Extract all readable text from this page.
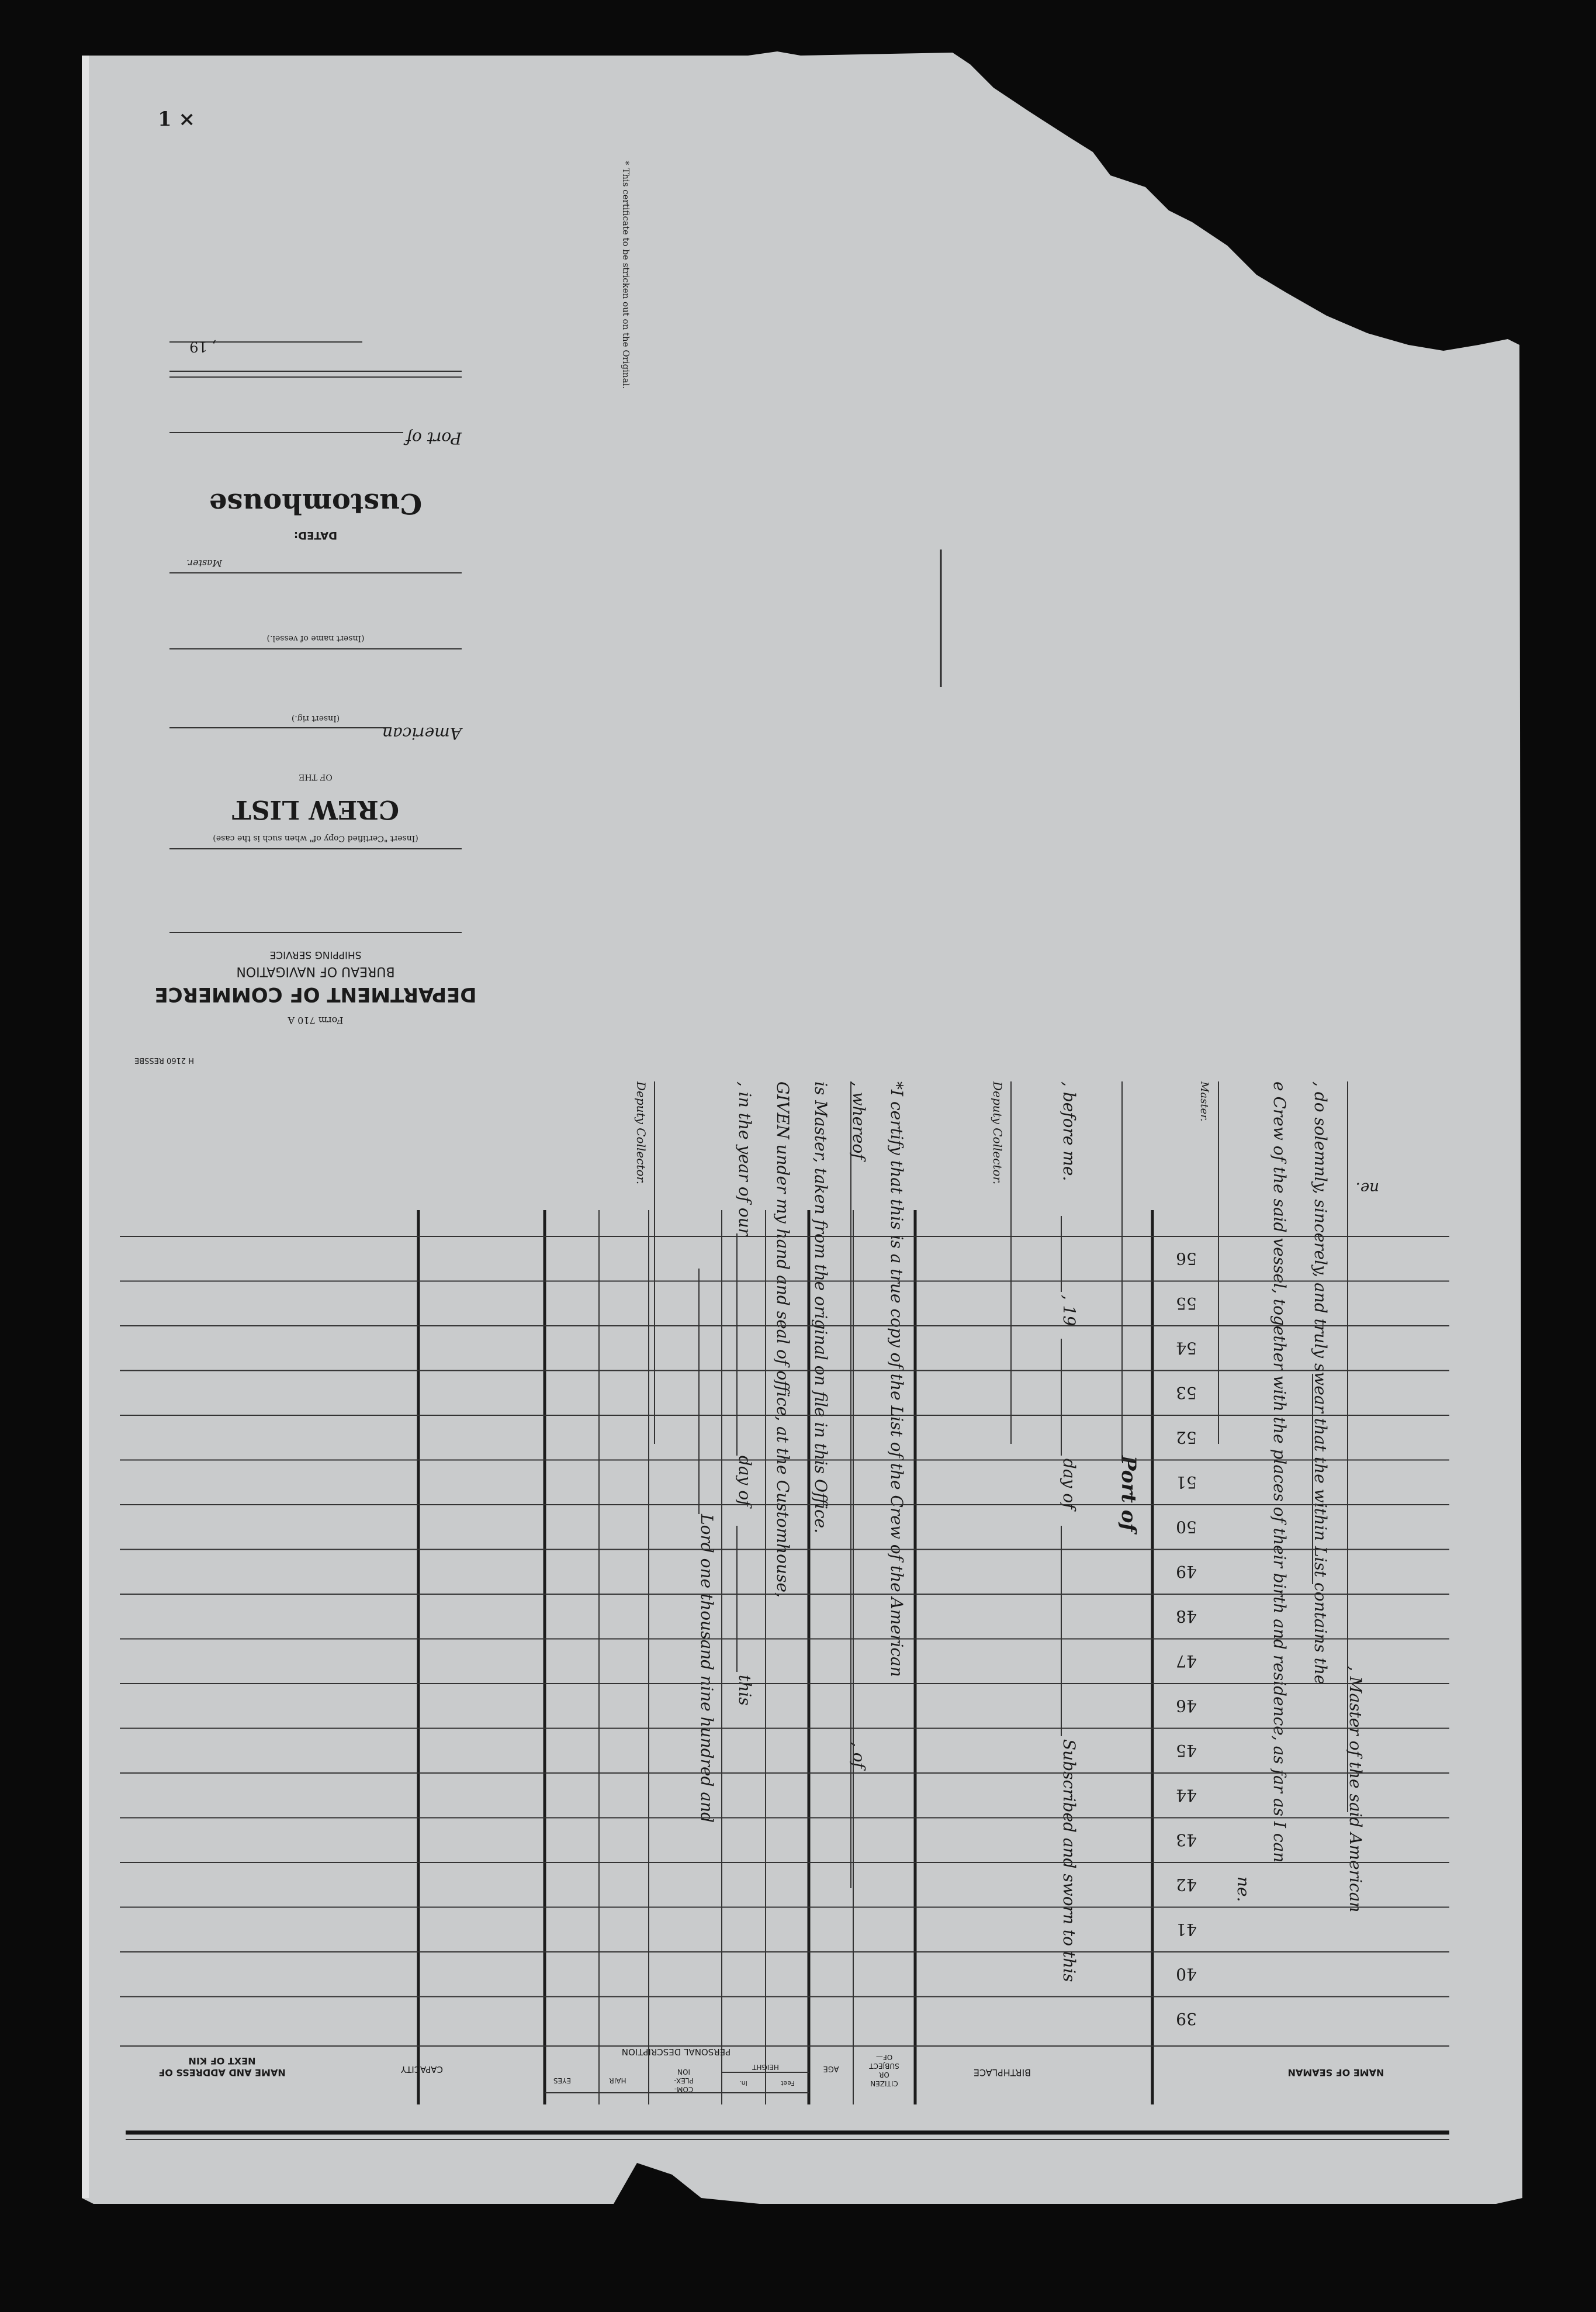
1 ×
ne.
, Master of the said American
, do solemnly, sincerely, and truly swear that the within List contains the
e Crew of the said vessel, together with the places of their birth and residence, as far as I can
ne.
Master.
Port of
, before me.
, 19
day of
Subscribed and sworn to this
Deputy Collector.
*I certify that this is a true copy of the List of the Crew of the American
, whereof
, of
is Master, taken from the original on file in this Office.
GIVEN under my hand and seal of office, at the Customhouse,
, in the year of our
day of
this
Lord one thousand nine hundred and
Deputy Collector.
* This certificate to be stricken out on the Original.
H 2160 RESSBE
Form 710 A
DEPARTMENT OF COMMERCE
BUREAU OF NAVIGATION
SHIPPING SERVICE
(Insert "Certified Copy of" when such is the case)
CREW LIST
OF THE
American
(Insert rig.)
(Insert name of vessel.)
Master.
DATED:
Customhouse
Port of
, 19
NAME OF SEAMAN
BIRTHPLACE
CITIZEN
OR
SUBJECT
OF—
AGE
PERSONAL DESCRIPTION
HEIGHT
Feet
In.
COM-
PLEX-
ION
HAIR
EYES
CAPACITY
NAME AND ADDRESS OF
NEXT OF KIN
39
40
41
42
43
44
45
46
47
48
49
50
51
52
53
54
55
56
